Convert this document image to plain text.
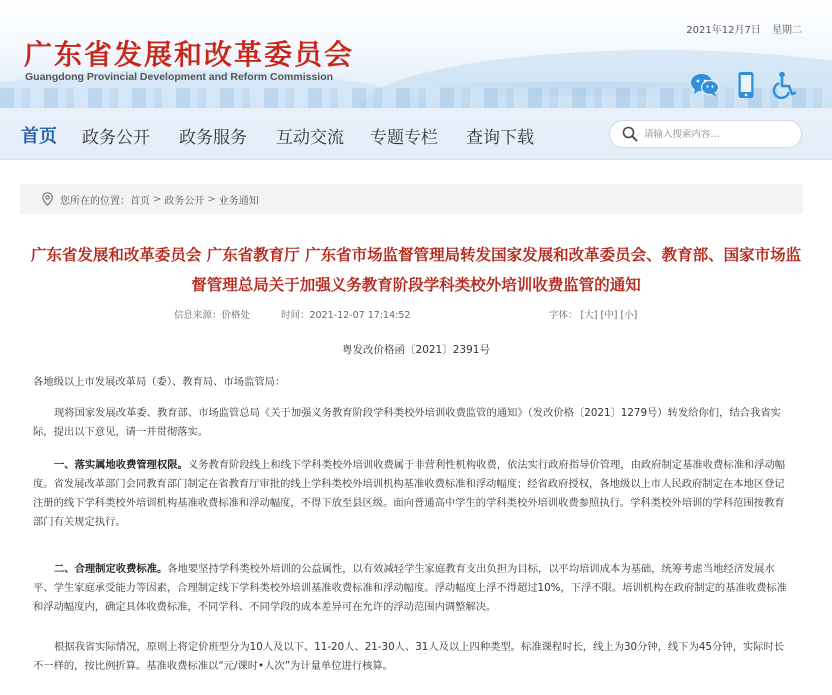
2021年12月7日 星期二
广东省发展和改革委员会
Guangdong Provincial Development and Reform Commission
首页 政务公开 政务服务 互动交流 专题专栏 查询下载
请输入搜索内容...
您所在的位置： 首页 > 政务公开 > 业务通知
广东省发展和改革委员会 广东省教育厅 广东省市场监督管理局转发国家发展和改革委员会、教育部、国家市场监督管理总局关于加强义务教育阶段学科类校外培训收费监管的通知
信息来源：价格处	时间：2021-12-07 17:14:52	字体： [大] [中] [小]
粤发改价格函〔2021〕2391号

各地级以上市发展改革局（委）、教育局、市场监管局：

现将国家发展改革委、教育部、市场监管总局《关于加强义务教育阶段学科类校外培训收费监管的通知》（发改价格〔2021〕1279号）转发给你们，结合我省实际，提出以下意见，请一并贯彻落实。

一、落实属地收费管理权限。义务教育阶段线上和线下学科类校外培训收费属于非营利性机构收费，依法实行政府指导价管理，由政府制定基准收费标准和浮动幅度。省发展改革部门会同教育部门制定在省教育厅审批的线上学科类校外培训机构基准收费标准和浮动幅度；经省政府授权，各地级以上市人民政府制定在本地区登记注册的线下学科类校外培训机构基准收费标准和浮动幅度，不得下放至县区级。面向普通高中学生的学科类校外培训收费参照执行。学科类校外培训的学科范围按教育部门有关规定执行。

二、合理制定收费标准。各地要坚持学科类校外培训的公益属性，以有效减轻学生家庭教育支出负担为目标，以平均培训成本为基础，统筹考虑当地经济发展水平、学生家庭承受能力等因素，合理制定线下学科类校外培训基准收费标准和浮动幅度。浮动幅度上浮不得超过10%，下浮不限。培训机构在政府制定的基准收费标准和浮动幅度内，确定具体收费标准，不同学科、不同学段的成本差异可在允许的浮动范围内调整解决。

根据我省实际情况，原则上将定价班型分为10人及以下、11-20人、21-30人、31人及以上四种类型。标准课程时长，线上为30分钟，线下为45分钟，实际时长不一样的，按比例折算。基准收费标准以“元/课时•人次”为计量单位进行核算。
